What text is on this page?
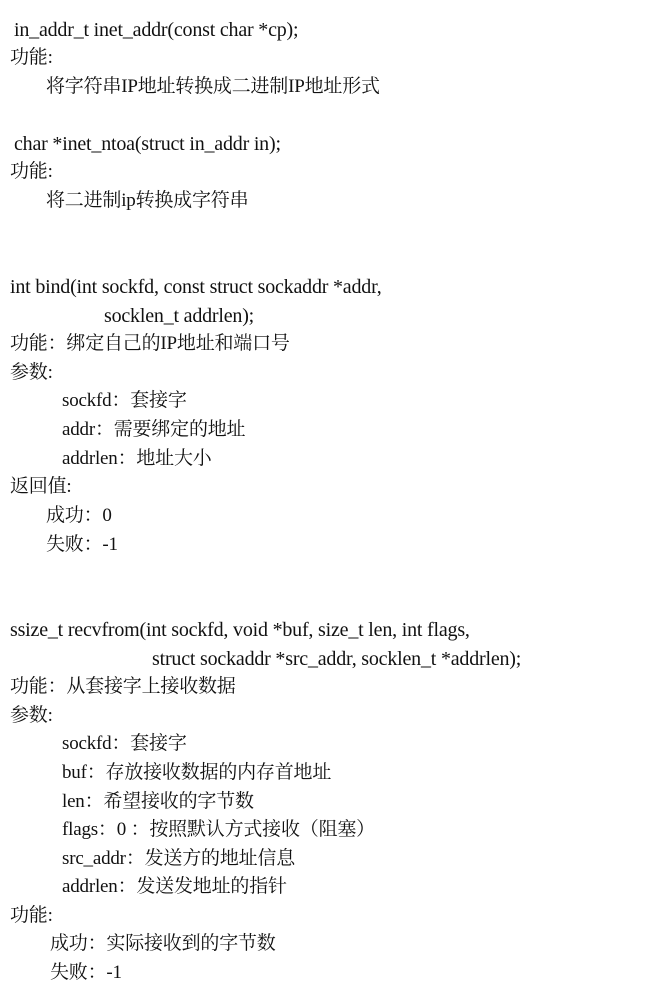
in_addr_t inet_addr(const char *cp);
功能:
将字符串IP地址转换成二进制IP地址形式
char *inet_ntoa(struct in_addr in);
功能:
将二进制ip转换成字符串
int bind(int sockfd, const struct sockaddr *addr,
socklen_t addrlen);
功能：绑定自己的IP地址和端口号
参数:
sockfd：套接字
addr：需要绑定的地址
addrlen：地址大小
返回值:
成功：0
失败：-1
ssize_t recvfrom(int sockfd, void *buf, size_t len, int flags,
struct sockaddr *src_addr, socklen_t *addrlen);
功能：从套接字上接收数据
参数:
sockfd：套接字
buf：存放接收数据的内存首地址
len：希望接收的字节数
flags：0 ：按照默认方式接收（阻塞）
src_addr：发送方的地址信息
addrlen：发送发地址的指针
功能:
成功：实际接收到的字节数
失败：-1
